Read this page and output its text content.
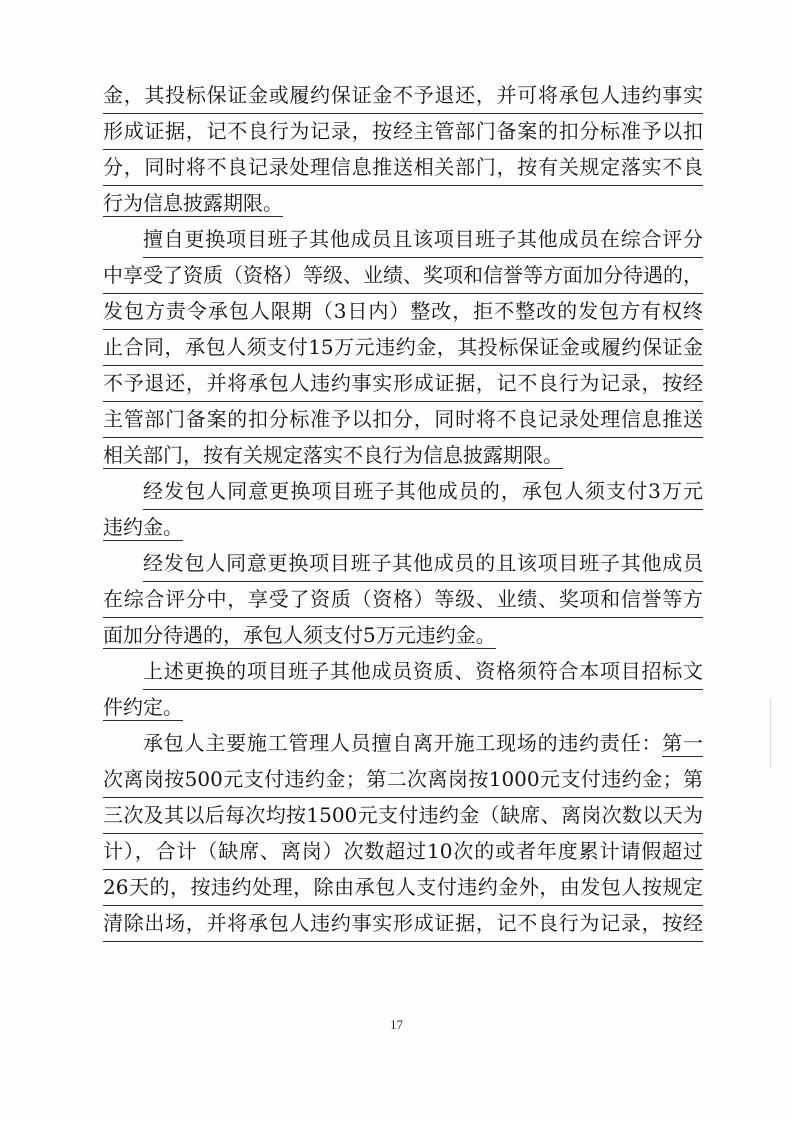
金，其投标保证金或履约保证金不予退还，并可将承包人违约事实
形成证据，记不良行为记录，按经主管部门备案的扣分标准予以扣
分，同时将不良记录处理信息推送相关部门，按有关规定落实不良
行为信息披露期限。
擅自更换项目班子其他成员且该项目班子其他成员在综合评分
中享受了资质（资格）等级、业绩、奖项和信誉等方面加分待遇的，
发包方责令承包人限期（3日内）整改，拒不整改的发包方有权终
止合同，承包人须支付15万元违约金，其投标保证金或履约保证金
不予退还，并将承包人违约事实形成证据，记不良行为记录，按经
主管部门备案的扣分标准予以扣分，同时将不良记录处理信息推送
相关部门，按有关规定落实不良行为信息披露期限。
经发包人同意更换项目班子其他成员的，承包人须支付3万元
违约金。
经发包人同意更换项目班子其他成员的且该项目班子其他成员
在综合评分中，享受了资质（资格）等级、业绩、奖项和信誉等方
面加分待遇的，承包人须支付5万元违约金。
上述更换的项目班子其他成员资质、资格须符合本项目招标文
件约定。
承包人主要施工管理人员擅自离开施工现场的违约责任：第一
次离岗按500元支付违约金；第二次离岗按1000元支付违约金；第
三次及其以后每次均按1500元支付违约金（缺席、离岗次数以天为
计），合计（缺席、离岗）次数超过10次的或者年度累计请假超过
26天的，按违约处理，除由承包人支付违约金外，由发包人按规定
清除出场，并将承包人违约事实形成证据，记不良行为记录，按经
17
